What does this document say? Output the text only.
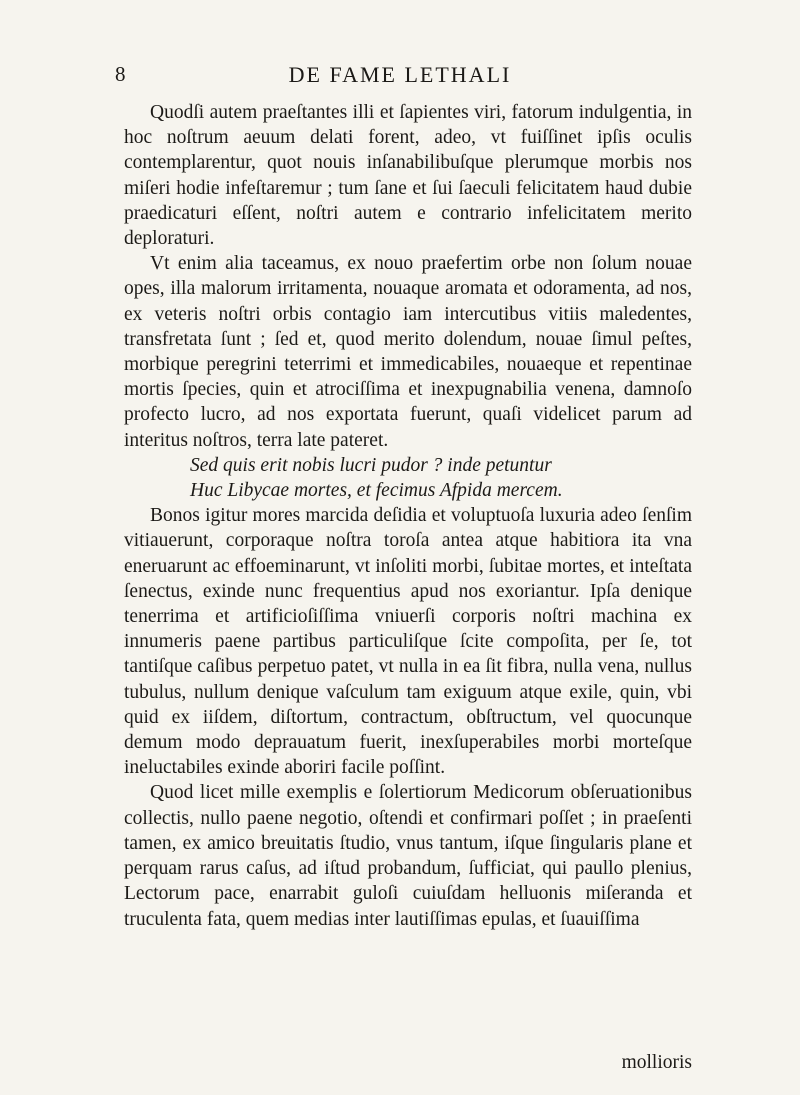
8	DE FAME LETHALI

Quodſi autem praeſtantes illi et ſapientes viri, fatorum indulgentia, in hoc noſtrum aeuum delati forent, adeo, vt fuiſſinet ipſis oculis contemplarentur, quot nouis inſanabilibuſque plerumque morbis nos miſeri hodie infeſtaremur ; tum ſane et ſui ſaeculi felicitatem haud dubie praedicaturi eſſent, noſtri autem e contrario infelicitatem merito deploraturi.

Vt enim alia taceamus, ex nouo praefertim orbe non ſolum nouae opes, illa malorum irritamenta, nouaque aromata et odoramenta, ad nos, ex veteris noſtri orbis contagio iam intercutibus vitiis maledentes, transfretata ſunt ; ſed et, quod merito dolendum, nouae ſimul peſtes, morbique peregrini teterrimi et immedicabiles, nouaeque et repentinae mortis ſpecies, quin et atrociſſima et inexpugnabilia venena, damnoſo profecto lucro, ad nos exportata fuerunt, quaſi videlicet parum ad interitus noſtros, terra late pateret.

Sed quis erit nobis lucri pudor ? inde petuntur

Huc Libycae mortes, et fecimus Afpida mercem.

Bonos igitur mores marcida deſidia et voluptuoſa luxuria adeo ſenſim vitiauerunt, corporaque noſtra toroſa antea atque habitiora ita vna eneruarunt ac effoeminarunt, vt inſoliti morbi, ſubitae mortes, et inteſtata ſenectus, exinde nunc frequentius apud nos exoriantur. Ipſa denique tenerrima et artificioſiſſima vniuerſi corporis noſtri machina ex innumeris paene partibus particuliſque ſcite compoſita, per ſe, tot tantiſque caſibus perpetuo patet, vt nulla in ea ſit fibra, nulla vena, nullus tubulus, nullum denique vaſculum tam exiguum atque exile, quin, vbi quid ex iiſdem, diſtortum, contractum, obſtructum, vel quocunque demum modo deprauatum fuerit, inexſuperabiles morbi morteſque ineluctabiles exinde aboriri facile poſſint.

Quod licet mille exemplis e ſolertiorum Medicorum obſeruationibus collectis, nullo paene negotio, oſtendi et confirmari poſſet ; in praeſenti tamen, ex amico breuitatis ſtudio, vnus tantum, iſque ſingularis plane et perquam rarus caſus, ad iſtud probandum, ſufficiat, qui paullo plenius, Lectorum pace, enarrabit guloſi cuiuſdam helluonis miſeranda et truculenta fata, quem medias inter lautiſſimas epulas, et ſuauiſſima

mollioris
